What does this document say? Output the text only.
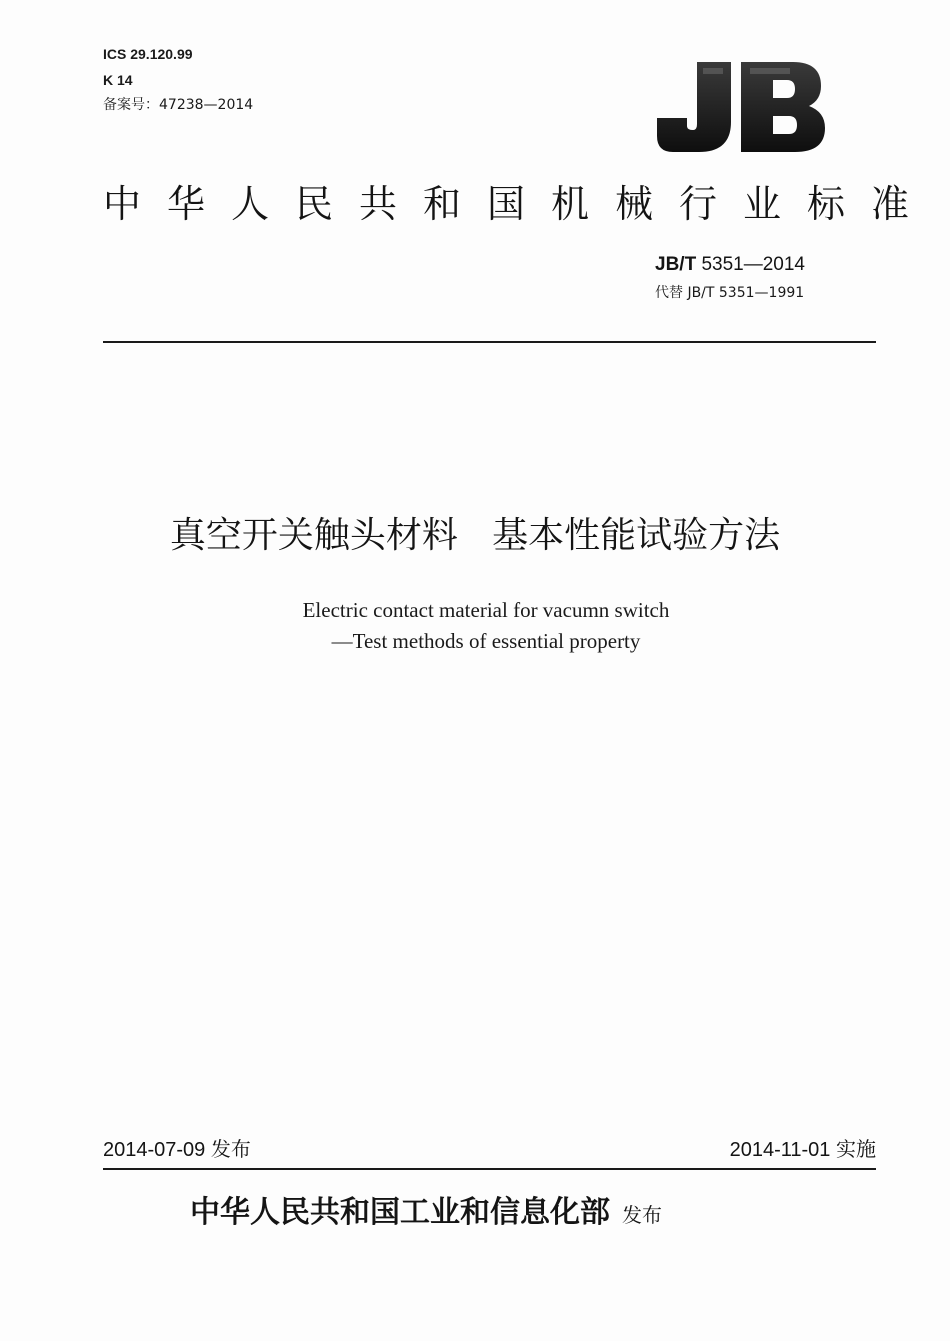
ICS 29.120.99
K 14
备案号：47238—2014
中华人民共和国机械行业标准
JB/T 5351—2014
代替 JB/T 5351—1991
真空开关触头材料   基本性能试验方法
Electric contact material for vacumn switch
—Test methods of essential property
2014-07-09 发布	2014-11-01 实施
中华人民共和国工业和信息化部 发布
